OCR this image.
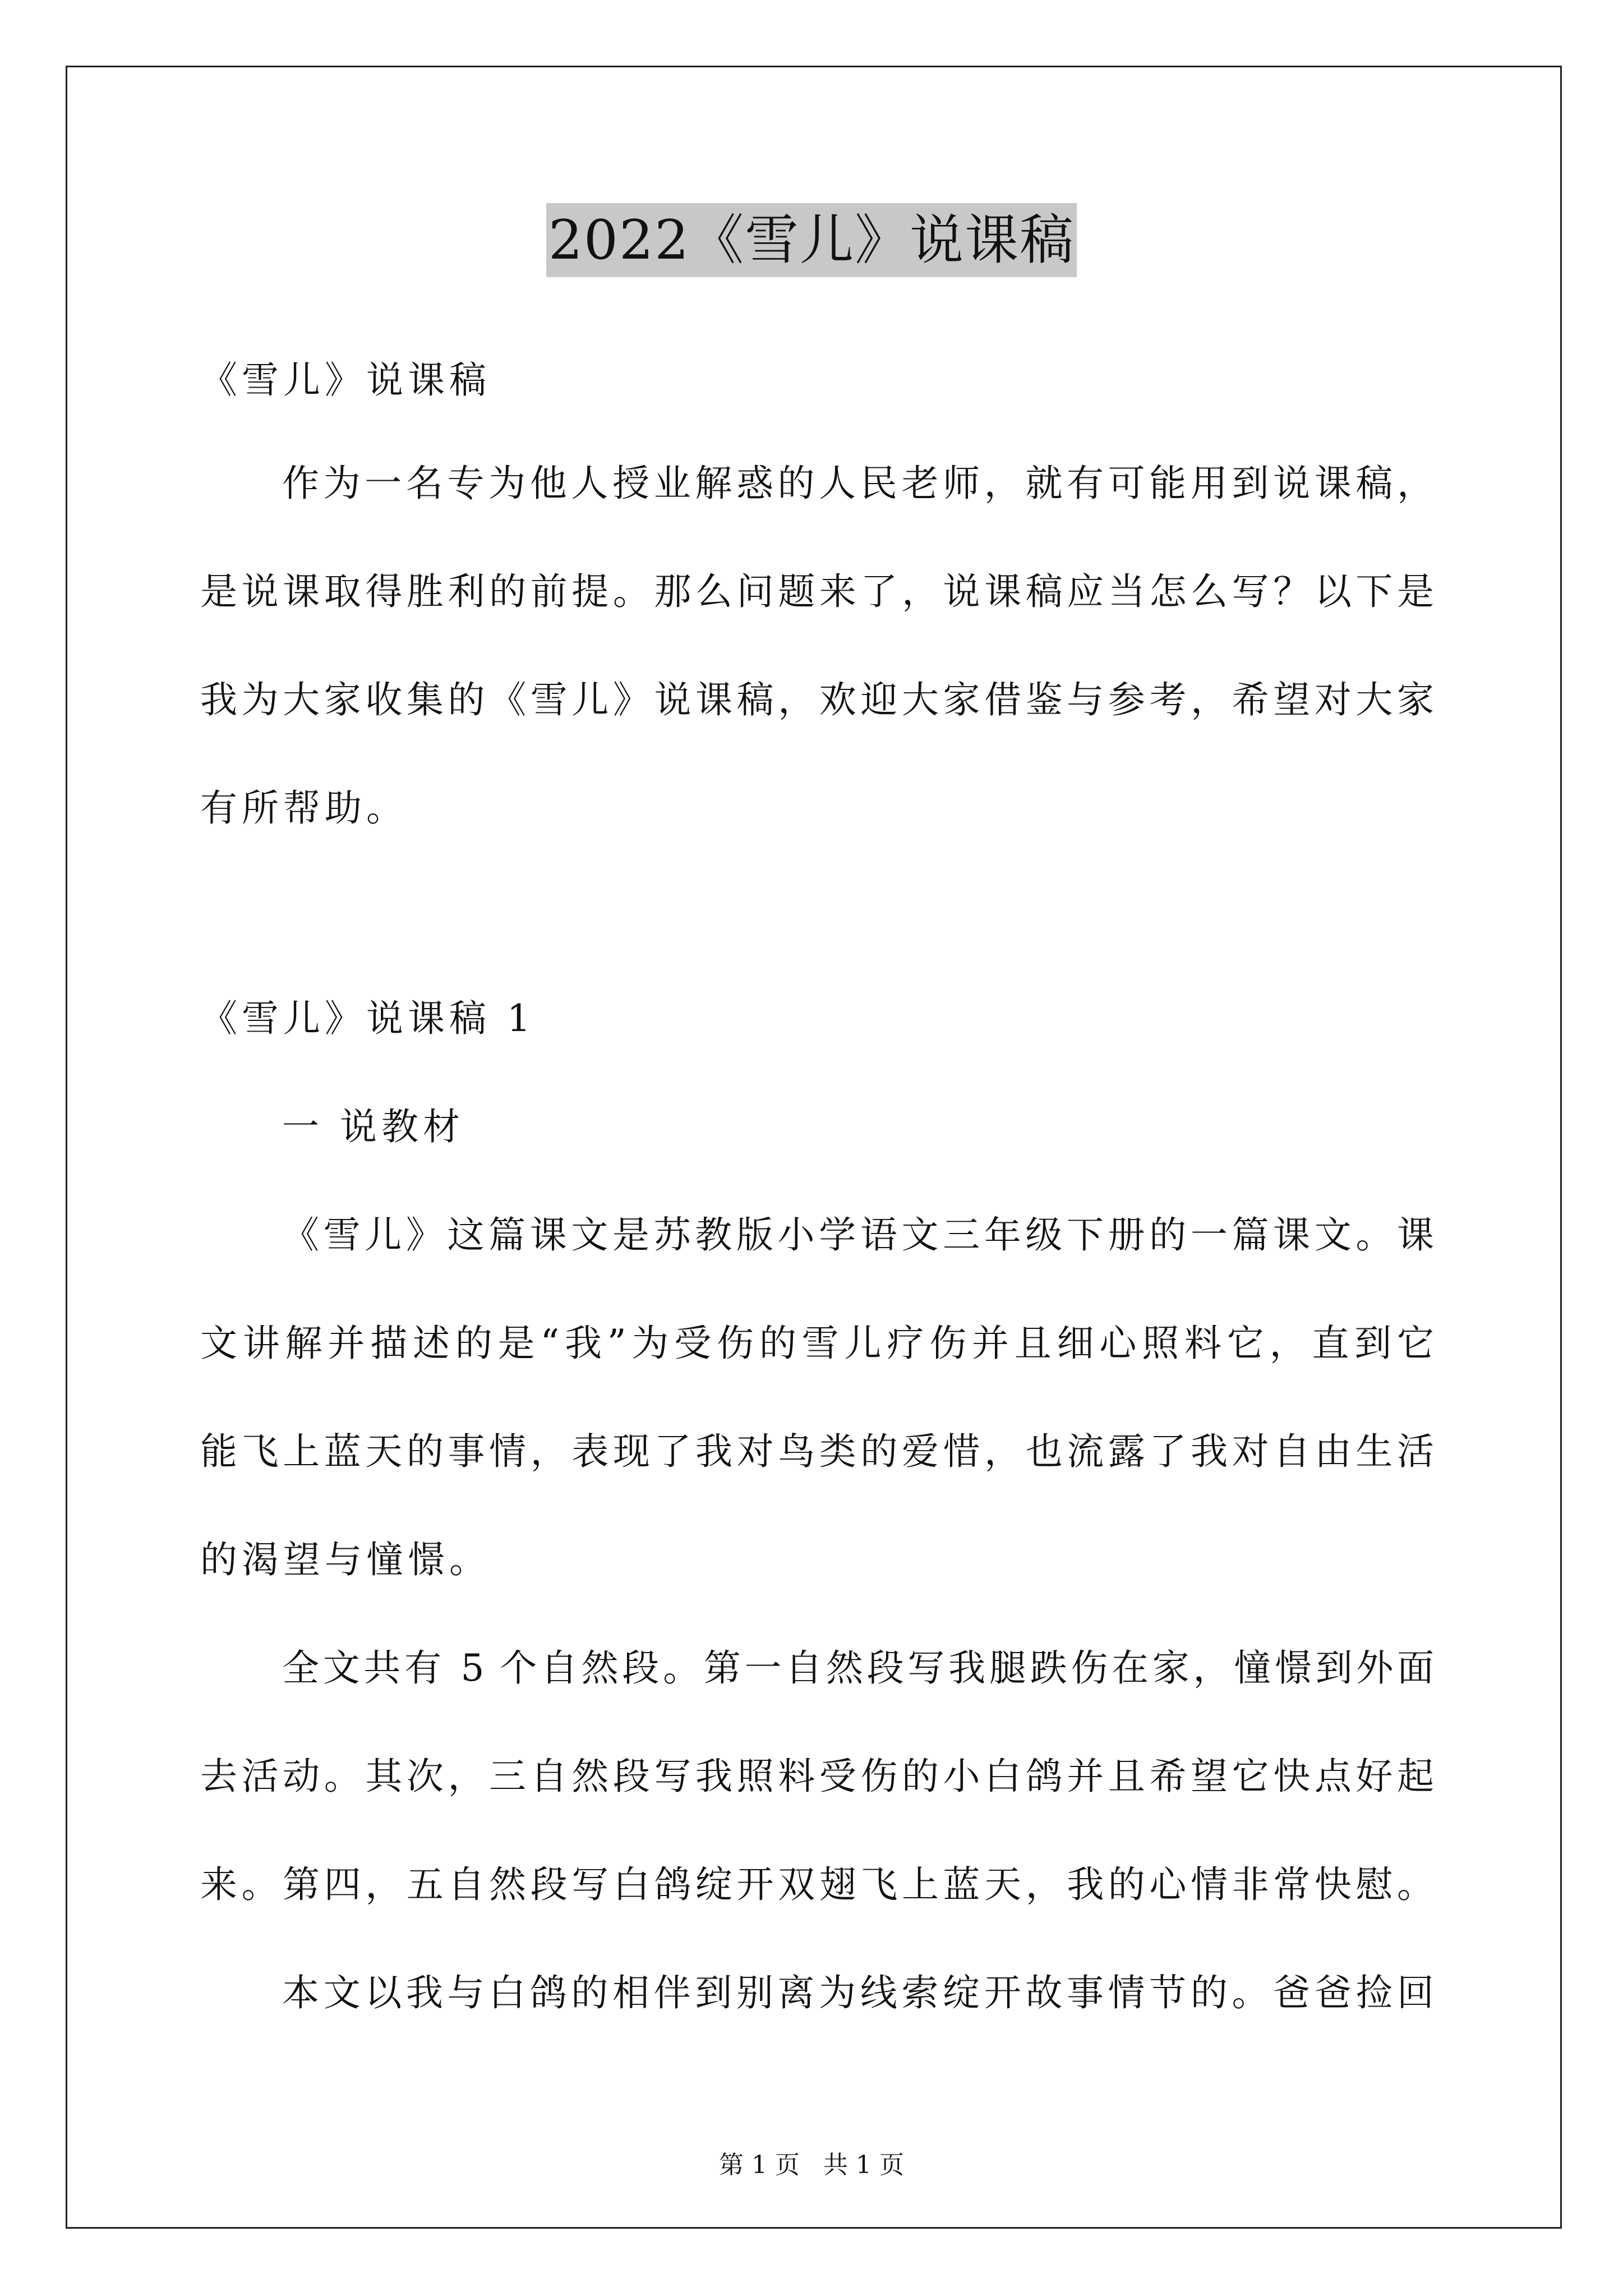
2022《雪儿》说课稿

《雪儿》说课稿

作为一名专为他人授业解惑的人民老师，就有可能用到说课稿，

是说课取得胜利的前提。那么问题来了，说课稿应当怎么写？以下是

我为大家收集的《雪儿》说课稿，欢迎大家借鉴与参考，希望对大家

有所帮助。

《雪儿》说课稿 1

一 说教材

《雪儿》这篇课文是苏教版小学语文三年级下册的一篇课文。课

文讲解并描述的是“我”为受伤的雪儿疗伤并且细心照料它，直到它

能飞上蓝天的事情，表现了我对鸟类的爱惜，也流露了我对自由生活

的渴望与憧憬。

全文共有 5 个自然段。第一自然段写我腿跌伤在家，憧憬到外面

去活动。其次，三自然段写我照料受伤的小白鸽并且希望它快点好起

来。第四，五自然段写白鸽绽开双翅飞上蓝天，我的心情非常快慰。

本文以我与白鸽的相伴到别离为线索绽开故事情节的。爸爸捡回

第 1 页   共 1 页
